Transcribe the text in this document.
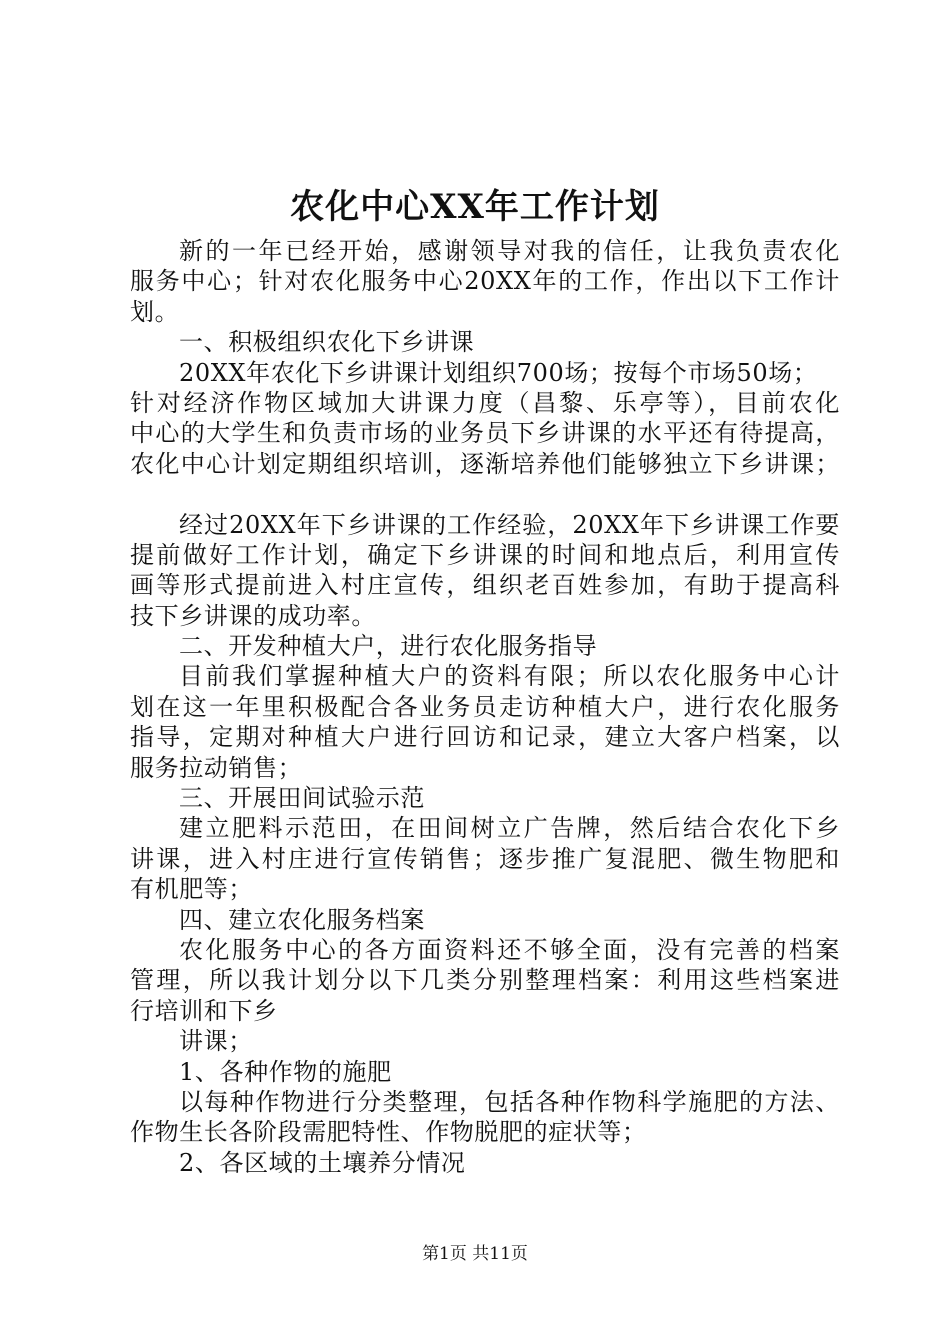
农化中心XX年工作计划
新的一年已经开始，感谢领导对我的信任，让我负责农化
服务中心；针对农化服务中心20XX年的工作，作出以下工作计
划。
一、积极组织农化下乡讲课
20XX年农化下乡讲课计划组织700场；按每个市场50场；
针对经济作物区域加大讲课力度（昌黎、乐亭等），目前农化
中心的大学生和负责市场的业务员下乡讲课的水平还有待提高，
农化中心计划定期组织培训，逐渐培养他们能够独立下乡讲课；
经过20XX年下乡讲课的工作经验，20XX年下乡讲课工作要
提前做好工作计划，确定下乡讲课的时间和地点后，利用宣传
画等形式提前进入村庄宣传，组织老百姓参加，有助于提高科
技下乡讲课的成功率。
二、开发种植大户，进行农化服务指导
目前我们掌握种植大户的资料有限；所以农化服务中心计
划在这一年里积极配合各业务员走访种植大户，进行农化服务
指导，定期对种植大户进行回访和记录，建立大客户档案，以
服务拉动销售；
三、开展田间试验示范
建立肥料示范田，在田间树立广告牌，然后结合农化下乡
讲课，进入村庄进行宣传销售；逐步推广复混肥、微生物肥和
有机肥等；
四、建立农化服务档案
农化服务中心的各方面资料还不够全面，没有完善的档案
管理，所以我计划分以下几类分别整理档案：利用这些档案进
行培训和下乡
讲课；
1、各种作物的施肥
以每种作物进行分类整理，包括各种作物科学施肥的方法、
作物生长各阶段需肥特性、作物脱肥的症状等；
2、各区域的土壤养分情况
第1页 共11页
